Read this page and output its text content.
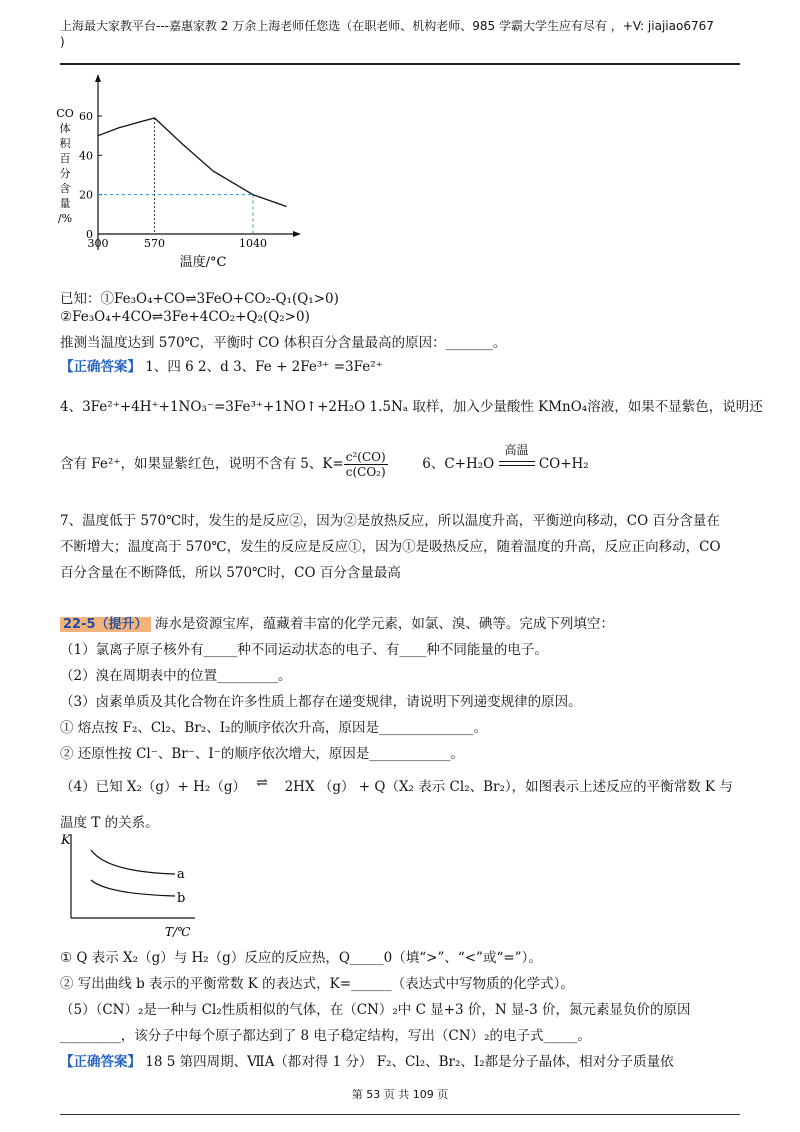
上海最大家教平台---嘉惠家教 2 万余上海老师任您选（在职老师、机构老师、985 学霸大学生应有尽有 ，+V: jiajiao6767
)
CO
体
积
百
分
含
量
/%
0
20
40
60
300	570	1040
温度/°C
已知：①Fe₃O₄+CO⇌3FeO+CO₂-Q₁(Q₁>0)
②Fe₃O₄+4CO⇌3Fe+4CO₂+Q₂(Q₂>0)
推测当温度达到 570℃，平衡时 CO 体积百分含量最高的原因：_______。
【正确答案】 1、四 6 2、d 3、Fe + 2Fe³⁺ =3Fe²⁺
4、3Fe²⁺+4H⁺+1NO₃⁻=3Fe³⁺+1NO↑+2H₂O 1.5Nₐ 取样，加入少量酸性 KMnO₄溶液，如果不显紫色，说明还
含有 Fe²⁺，如果显紫红色，说明不含有 5、$K= \frac{\text{c²(CO)}}{\text{c(CO₂)}}$	6、C+H₂O
高温
CO+H₂
7、温度低于 570℃时，发生的是反应②，因为②是放热反应，所以温度升高，平衡逆向移动，CO 百分含量在
不断增大；温度高于 570℃，发生的反应是反应①，因为①是吸热反应，随着温度的升高，反应正向移动，CO
百分含量在不断降低，所以 570℃时，CO 百分含量最高
22-5（提升） 海水是资源宝库，蕴藏着丰富的化学元素，如氯、溴、碘等。完成下列填空：
（1）氯离子原子核外有_____种不同运动状态的电子、有____种不同能量的电子。
（2）溴在周期表中的位置_________。
（3）卤素单质及其化合物在许多性质上都存在递变规律，请说明下列递变规律的原因。
① 熔点按 F₂、Cl₂、Br₂、I₂的顺序依次升高，原因是______________。
② 还原性按 Cl⁻、Br⁻、I⁻的顺序依次增大，原因是____________。
（4）已知 X₂（g）+ H₂（g） ⇌ 2HX （g） + Q（X₂ 表示 Cl₂、Br₂），如图表示上述反应的平衡常数 K 与
温度 T 的关系。
K
a
b
T/℃
① Q 表示 X₂（g）与 H₂（g）反应的反应热，Q_____0（填“>”、“<”或“=”）。
② 写出曲线 b 表示的平衡常数 K 的表达式，K=______（表达式中写物质的化学式）。
（5）（CN）₂是一种与 Cl₂性质相似的气体，在（CN）₂中 C 显+3 价，N 显-3 价，氮元素显负价的原因
_________，该分子中每个原子都达到了 8 电子稳定结构，写出（CN）₂的电子式_____。
【正确答案】 18 5 第四周期、ⅦA（都对得 1 分） F₂、Cl₂、Br₂、I₂都是分子晶体，相对分子质量依
第 53 页 共 109 页
